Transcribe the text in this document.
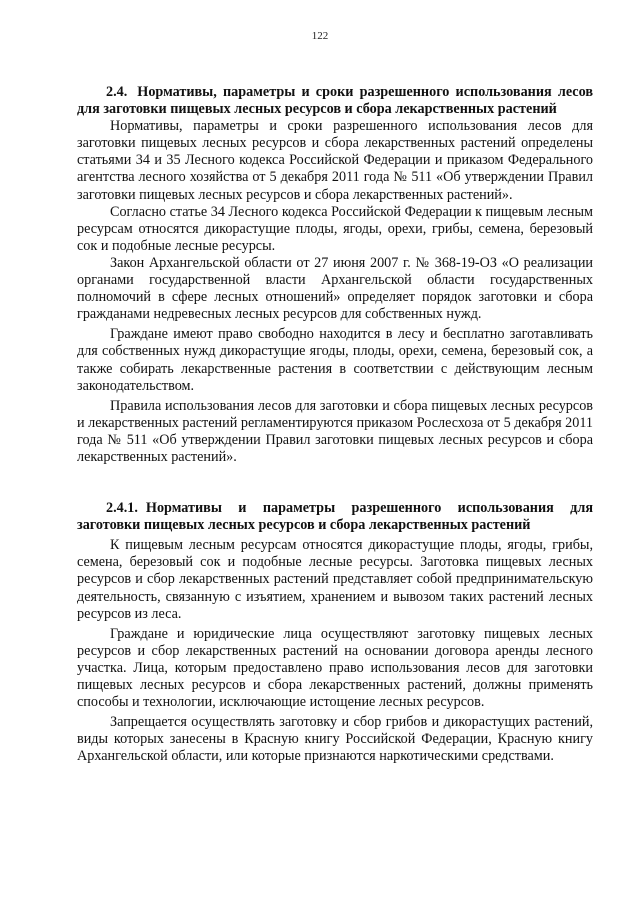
122

2.4. Нормативы, параметры и сроки разрешенного использования лесов для заготовки пищевых лесных ресурсов и сбора лекарственных растений

Нормативы, параметры и сроки разрешенного использования лесов для заготовки пищевых лесных ресурсов и сбора лекарственных растений определены статьями 34 и 35 Лесного кодекса Российской Федерации и приказом Федерального агентства лесного хозяйства от 5 декабря 2011 года № 511 «Об утверждении Правил заготовки пищевых лесных ресурсов и сбора лекарственных растений».

Согласно статье 34 Лесного кодекса Российской Федерации к пищевым лесным ресурсам относятся дикорастущие плоды, ягоды, орехи, грибы, семена, березовый сок и подобные лесные ресурсы.

Закон Архангельской области от 27 июня 2007 г. № 368-19-ОЗ «О реализации органами государственной власти Архангельской области государственных полномочий в сфере лесных отношений» определяет порядок заготовки и сбора гражданами недревесных лесных ресурсов для собственных нужд.

Граждане имеют право свободно находится в лесу и бесплатно заготавливать для собственных нужд дикорастущие ягоды, плоды, орехи, семена, березовый сок, а также собирать лекарственные растения в соответствии с действующим лесным законодательством.

Правила использования лесов для заготовки и сбора пищевых лесных ресурсов и лекарственных растений регламентируются приказом Рослесхоза от 5 декабря 2011 года № 511 «Об утверждении Правил заготовки пищевых лесных ресурсов и сбора лекарственных растений».

2.4.1. Нормативы и параметры разрешенного использования для заготовки пищевых лесных ресурсов и сбора лекарственных растений

К пищевым лесным ресурсам относятся дикорастущие плоды, ягоды, грибы, семена, березовый сок и подобные лесные ресурсы. Заготовка пищевых лесных ресурсов и сбор лекарственных растений представляет собой предпринимательскую деятельность, связанную с изъятием, хранением и вывозом таких растений лесных ресурсов из леса.

Граждане и юридические лица осуществляют заготовку пищевых лесных ресурсов и сбор лекарственных растений на основании договора аренды лесного участка. Лица, которым предоставлено право использования лесов для заготовки пищевых лесных ресурсов и сбора лекарственных растений, должны применять способы и технологии, исключающие истощение лесных ресурсов.

Запрещается осуществлять заготовку и сбор грибов и дикорастущих растений, виды которых занесены в Красную книгу Российской Федерации, Красную книгу Архангельской области, или которые признаются наркотическими средствами.
